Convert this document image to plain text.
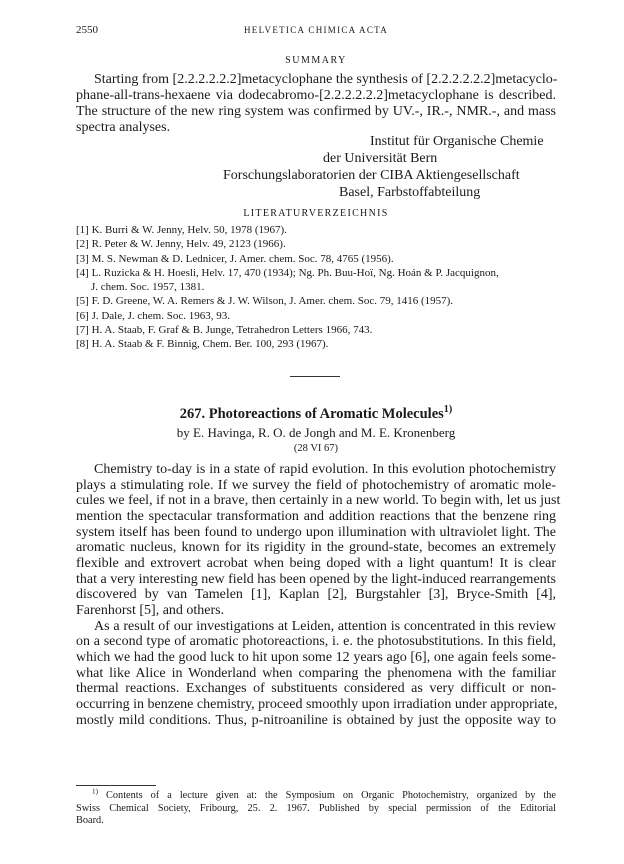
2550	HELVETICA CHIMICA ACTA
SUMMARY
Starting from [2.2.2.2.2.2]metacyclophane the synthesis of [2.2.2.2.2.2]metacyclo-
phane-all-trans-hexaene via dodecabromo-[2.2.2.2.2.2]metacyclophane is described.
The structure of the new ring system was confirmed by UV.-, IR.-, NMR.-, and mass
spectra analyses.
Institut für Organische Chemie
der Universität Bern
Forschungslaboratorien der CIBA Aktiengesellschaft
Basel, Farbstoffabteilung
LITERATURVERZEICHNIS
[1] K. Burri & W. Jenny, Helv. 50, 1978 (1967).
[2] R. Peter & W. Jenny, Helv. 49, 2123 (1966).
[3] M. S. Newman & D. Lednicer, J. Amer. chem. Soc. 78, 4765 (1956).
[4] L. Ruzicka & H. Hoesli, Helv. 17, 470 (1934); Ng. Ph. Buu-Hoï, Ng. Hoán & P. Jacquignon,
J. chem. Soc. 1957, 1381.
[5] F. D. Greene, W. A. Remers & J. W. Wilson, J. Amer. chem. Soc. 79, 1416 (1957).
[6] J. Dale, J. chem. Soc. 1963, 93.
[7] H. A. Staab, F. Graf & B. Junge, Tetrahedron Letters 1966, 743.
[8] H. A. Staab & F. Binnig, Chem. Ber. 100, 293 (1967).
267. Photoreactions of Aromatic Molecules$^{1)}$
by E. Havinga, R. O. de Jongh and M. E. Kronenberg
(28 VI 67)
Chemistry to-day is in a state of rapid evolution. In this evolution photochemistry
plays a stimulating role. If we survey the field of photochemistry of aromatic mole-
cules we feel, if not in a brave, then certainly in a new world. To begin with, let us just
mention the spectacular transformation and addition reactions that the benzene ring
system itself has been found to undergo upon illumination with ultraviolet light. The
aromatic nucleus, known for its rigidity in the ground-state, becomes an extremely
flexible and extrovert acrobat when being doped with a light quantum! It is clear
that a very interesting new field has been opened by the light-induced rearrangements
discovered by van Tamelen [1], Kaplan [2], Burgstahler [3], Bryce-Smith [4],
Farenhorst [5], and others.
As a result of our investigations at Leiden, attention is concentrated in this review
on a second type of aromatic photoreactions, i. e. the photosubstitutions. In this field,
which we had the good luck to hit upon some 12 years ago [6], one again feels some-
what like Alice in Wonderland when comparing the phenomena with the familiar
thermal reactions. Exchanges of substituents considered as very difficult or non-
occurring in benzene chemistry, proceed smoothly upon irradiation under appropriate,
mostly mild conditions. Thus, p-nitroaniline is obtained by just the opposite way to
$^{1)}$ Contents of a lecture given at: the Symposium on Organic Photochemistry, organized by the
Swiss Chemical Society, Fribourg, 25. 2. 1967. Published by special permission of the Editorial
Board.
